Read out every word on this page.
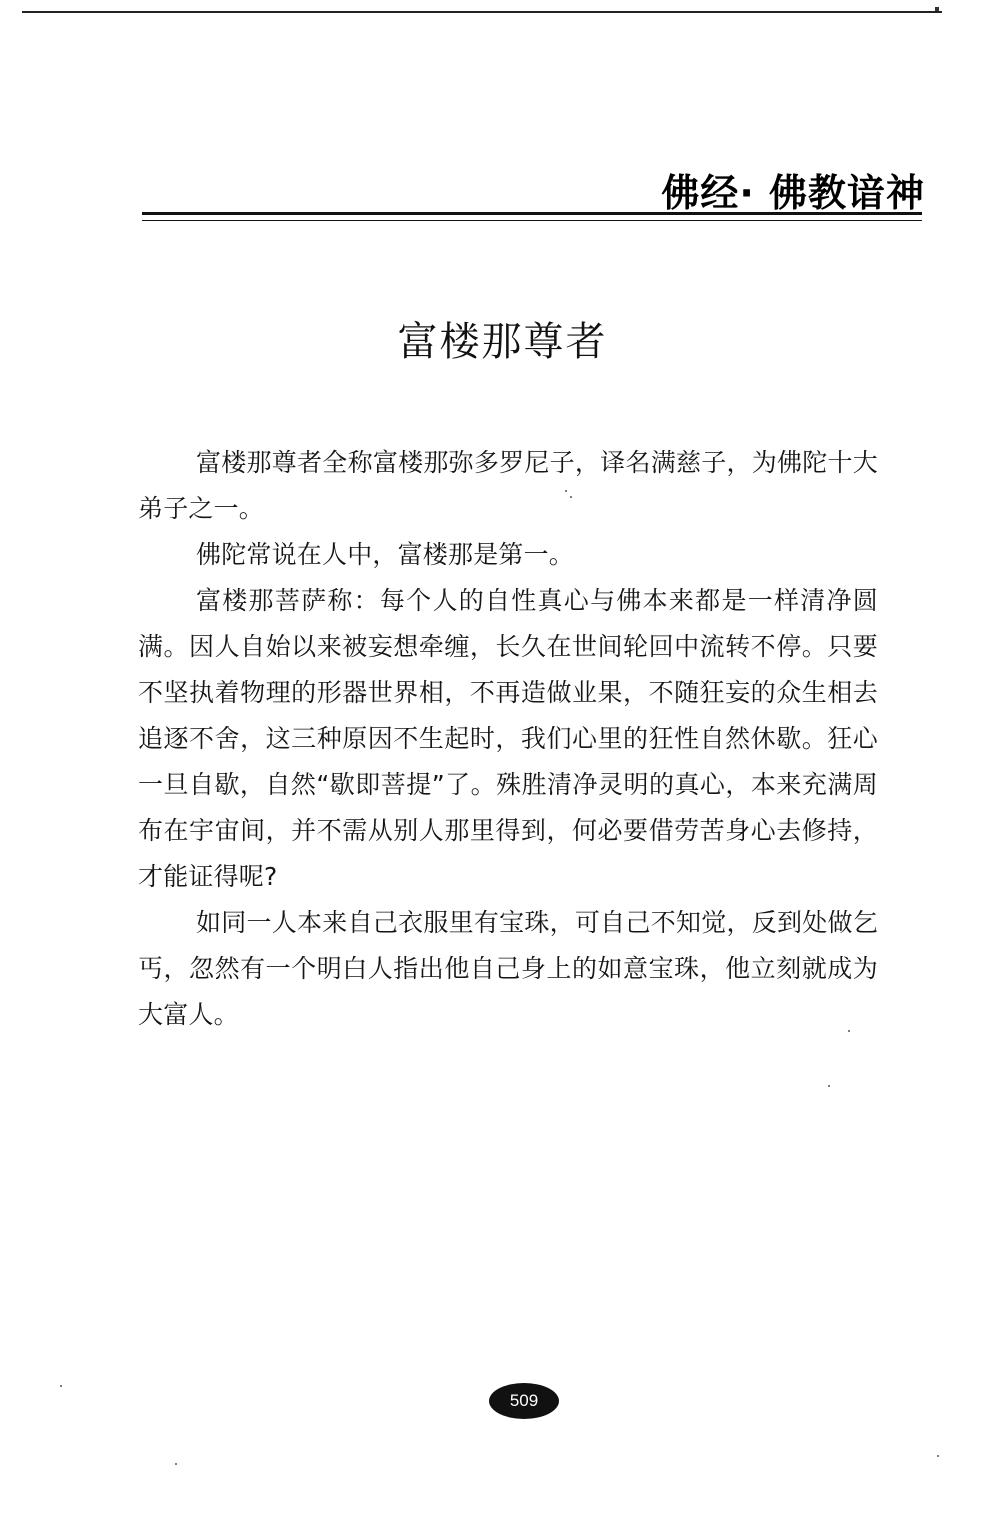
佛经· 佛教谙神
富楼那尊者

富楼那尊者全称富楼那弥多罗尼子，译名满慈子，为佛陀十大弟子之一。

佛陀常说在人中，富楼那是第一。

富楼那菩萨称：每个人的自性真心与佛本来都是一样清净圆满。因人自始以来被妄想牵缠，长久在世间轮回中流转不停。只要不坚执着物理的形器世界相，不再造做业果，不随狂妄的众生相去追逐不舍，这三种原因不生起时，我们心里的狂性自然休歇。狂心一旦自歇，自然“歇即菩提”了。殊胜清净灵明的真心，本来充满周布在宇宙间，并不需从别人那里得到，何必要借劳苦身心去修持，才能证得呢?

如同一人本来自己衣服里有宝珠，可自己不知觉，反到处做乞丐，忽然有一个明白人指出他自己身上的如意宝珠，他立刻就成为大富人。

509
